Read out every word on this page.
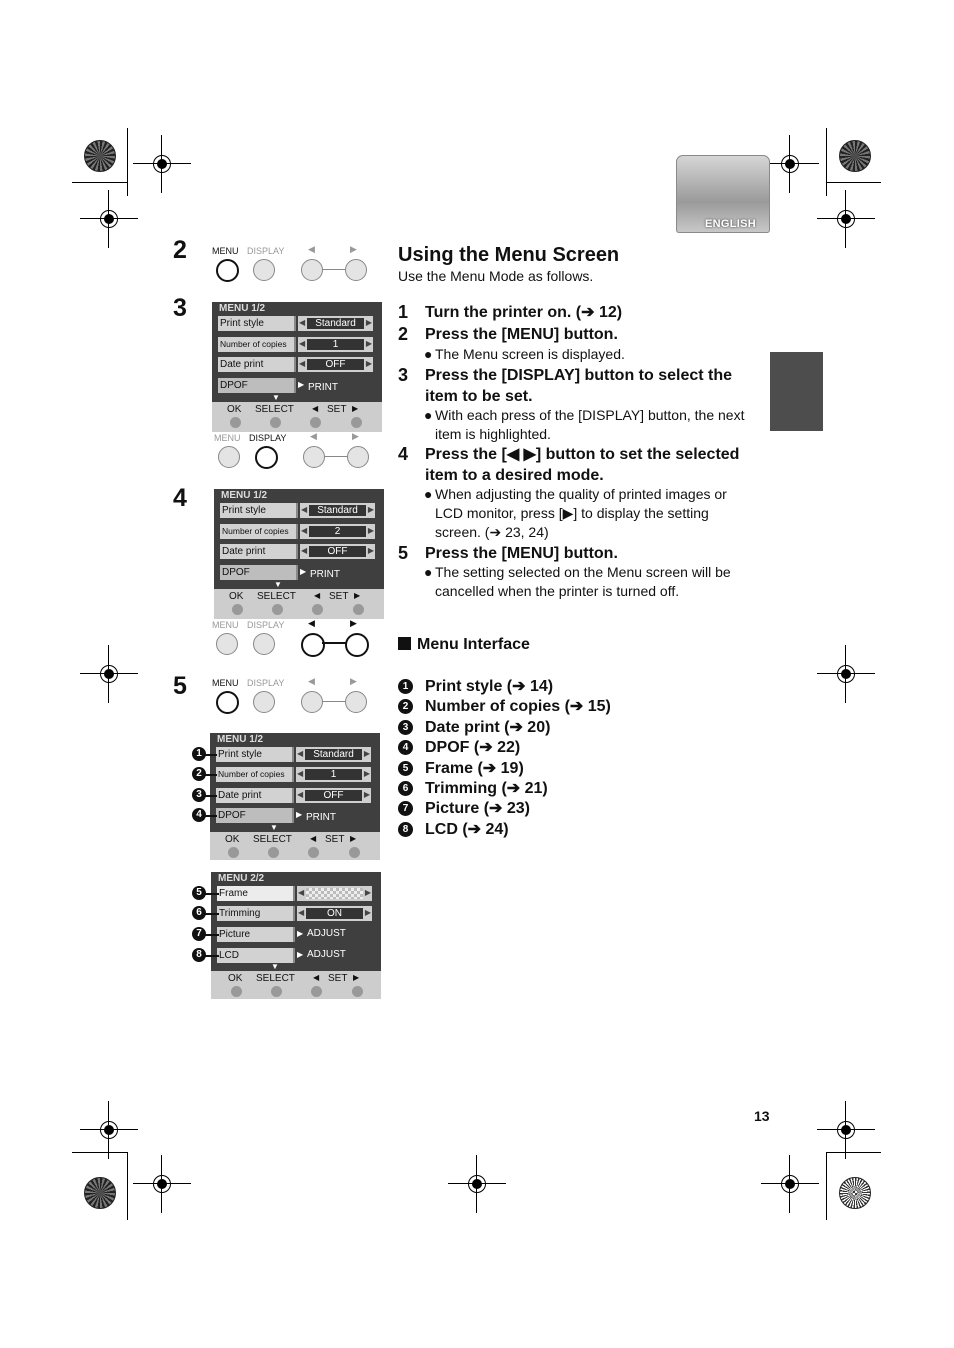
ENGLISH
2
3
4
5
MENU DISPLAY	◀	▶
MENU 1/2
Print style	◀	Standard	▶
Number of copies	◀	1	▶
Date print	◀	OFF	▶
DPOF	▶ PRINT
▼
OK SELECT ◀ SET ▶
MENU DISPLAY	◀	▶
MENU 1/2
Print style	◀	Standard	▶
Number of copies	◀	2	▶
Date print	◀	OFF	▶
DPOF	▶ PRINT
▼
OK SELECT ◀ SET ▶
MENU DISPLAY	◀	▶
MENU DISPLAY	◀	▶
MENU 1/2
Print style	◀	Standard	▶
Number of copies	◀	1	▶
Date print	◀	OFF	▶
DPOF	▶ PRINT
▼
OK SELECT ◀ SET ▶
MENU 2/2
Frame	◀	▶
Trimming	◀	ON	▶
Picture	▶ ADJUST
LCD	▶ ADJUST
▼
OK SELECT ◀ SET ▶
1
2
3
4
5
6
7
8
Using the Menu Screen
Use the Menu Mode as follows.
1 Turn the printer on. (➔ 12)
2 Press the [MENU] button.
● The Menu screen is displayed.
3 Press the [DISPLAY] button to select the item to be set.
● With each press of the [DISPLAY] button, the next item is highlighted.
4 Press the [◀ ▶] button to set the selected item to a desired mode.
● When adjusting the quality of printed images or LCD monitor, press [▶] to display the setting screen. (➔ 23, 24)
5 Press the [MENU] button.
● The setting selected on the Menu screen will be cancelled when the printer is turned off.
Menu Interface
1 Print style (➔ 14)
2 Number of copies (➔ 15)
3 Date print (➔ 20)
4 DPOF (➔ 22)
5 Frame (➔ 19)
6 Trimming (➔ 21)
7 Picture (➔ 23)
8 LCD (➔ 24)
13
